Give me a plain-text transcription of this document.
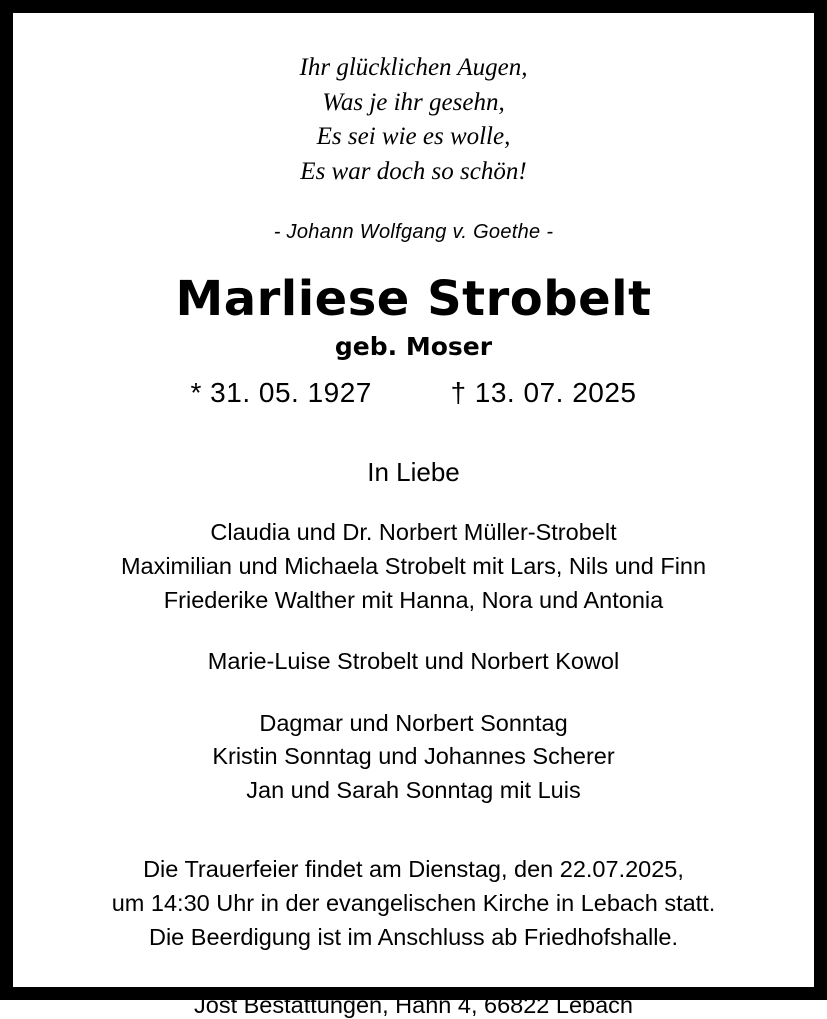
Ihr glücklichen Augen,
Was je ihr gesehn,
Es sei wie es wolle,
Es war doch so schön!
- Johann Wolfgang v. Goethe -
Marliese Strobelt
geb. Moser
* 31. 05. 1927	† 13. 07. 2025
In Liebe
Claudia und Dr. Norbert Müller-Strobelt
Maximilian und Michaela Strobelt mit Lars, Nils und Finn
Friederike Walther mit Hanna, Nora und Antonia
Marie-Luise Strobelt und Norbert Kowol
Dagmar und Norbert Sonntag
Kristin Sonntag und Johannes Scherer
Jan und Sarah Sonntag mit Luis
Die Trauerfeier findet am Dienstag, den 22.07.2025,
um 14:30 Uhr in der evangelischen Kirche in Lebach statt.
Die Beerdigung ist im Anschluss ab Friedhofshalle.
Jost Bestattungen, Hahn 4, 66822 Lebach
